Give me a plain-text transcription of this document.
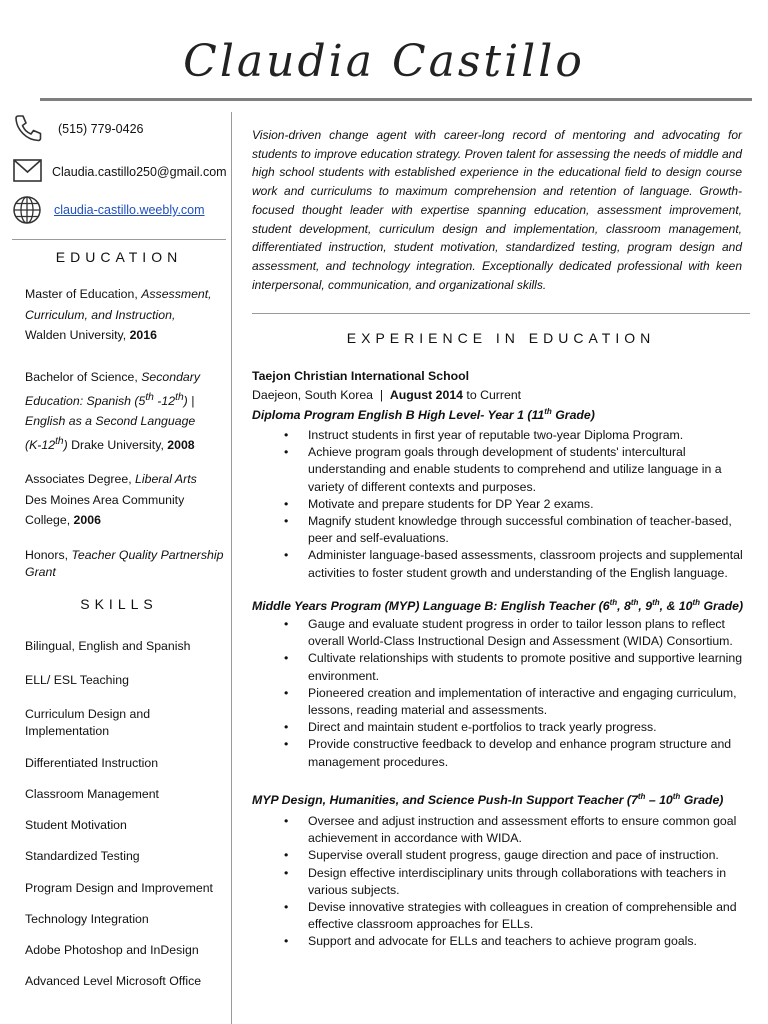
Claudia Castillo
(515) 779-0426
Claudia.castillo250@gmail.com
claudia-castillo.weebly.com
EDUCATION
Master of Education, Assessment,
Curriculum, and Instruction,
Walden University, 2016
Bachelor of Science, Secondary
Education: Spanish (5th -12th) |
English as a Second Language
(K-12th) Drake University, 2008
Associates Degree, Liberal Arts
Des Moines Area Community
College, 2006
Honors, Teacher Quality Partnership
Grant
SKILLS
Bilingual, English and Spanish
ELL/ ESL Teaching
Curriculum Design and
Implementation
Differentiated Instruction
Classroom Management
Student Motivation
Standardized Testing
Program Design and Improvement
Technology Integration
Adobe Photoshop and InDesign
Advanced Level Microsoft Office
Vision-driven change agent with career-long record of mentoring and advocating for students to improve education strategy. Proven talent for assessing the needs of middle and high school students with established experience in the educational field to design course work and curriculums to maximum comprehension and retention of language. Growth-focused thought leader with expertise spanning education, assessment improvement, student development, curriculum design and implementation, classroom management, differentiated instruction, student motivation, standardized testing, program design and assessment, and technology integration. Exceptionally dedicated professional with keen interpersonal, communication, and organizational skills.
EXPERIENCE IN EDUCATION
Taejon Christian International School
Daejeon, South Korea  |  August 2014 to Current
Diploma Program English B High Level- Year 1 (11th Grade)
• Instruct students in first year of reputable two-year Diploma Program.
• Achieve program goals through development of students' intercultural understanding and enable students to comprehend and utilize language in a variety of different contexts and purposes.
• Motivate and prepare students for DP Year 2 exams.
• Magnify student knowledge through successful combination of teacher-based, peer and self-evaluations.
• Administer language-based assessments, classroom projects and supplemental activities to foster student growth and understanding of the English language.
Middle Years Program (MYP) Language B: English Teacher (6th, 8th, 9th, & 10th Grade)
• Gauge and evaluate student progress in order to tailor lesson plans to reflect overall World-Class Instructional Design and Assessment (WIDA) Consortium.
• Cultivate relationships with students to promote positive and supportive learning environment.
• Pioneered creation and implementation of interactive and engaging curriculum, lessons, reading material and assessments.
• Direct and maintain student e-portfolios to track yearly progress.
• Provide constructive feedback to develop and enhance program structure and management procedures.
MYP Design, Humanities, and Science Push-In Support Teacher (7th – 10th Grade)
• Oversee and adjust instruction and assessment efforts to ensure common goal achievement in accordance with WIDA.
• Supervise overall student progress, gauge direction and pace of instruction.
• Design effective interdisciplinary units through collaborations with teachers in various subjects.
• Devise innovative strategies with colleagues in creation of comprehensible and effective classroom approaches for ELLs.
• Support and advocate for ELLs and teachers to achieve program goals.
